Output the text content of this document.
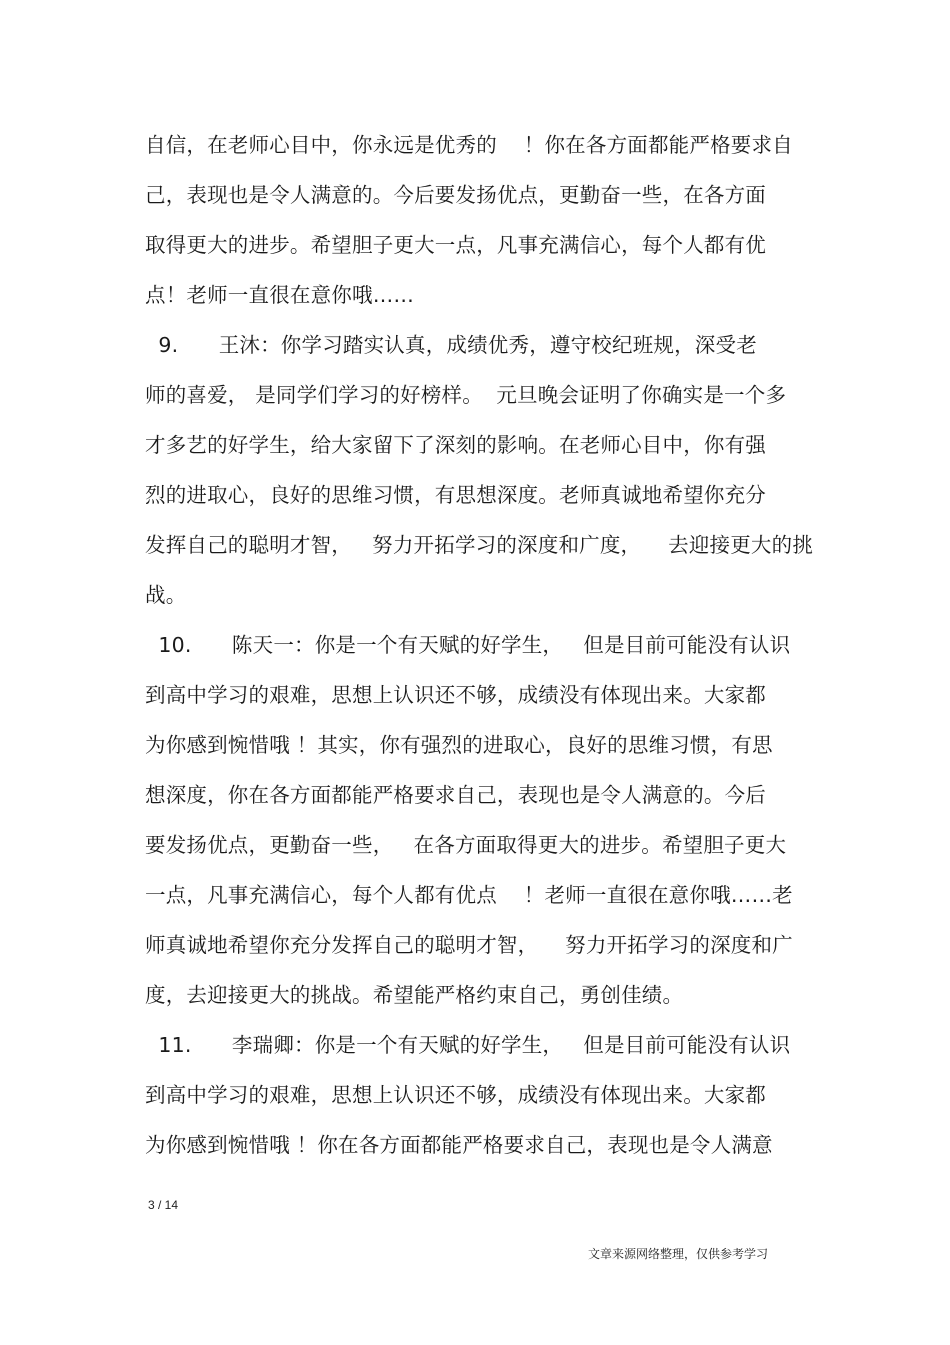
自信，在老师心目中，你永远是优秀的    ！你在各方面都能严格要求自
己，表现也是令人满意的。今后要发扬优点，更勤奋一些，在各方面
取得更大的进步。希望胆子更大一点，凡事充满信心，每个人都有优
点！老师一直很在意你哦……
9.      王沐：你学习踏实认真，成绩优秀，遵守校纪班规，深受老
师的喜爱， 是同学们学习的好榜样。  元旦晚会证明了你确实是一个多
才多艺的好学生，给大家留下了深刻的影响。在老师心目中，你有强
烈的进取心，良好的思维习惯，有思想深度。老师真诚地希望你充分
发挥自己的聪明才智，   努力开拓学习的深度和广度，    去迎接更大的挑
战。
10.      陈天一：你是一个有天赋的好学生，   但是目前可能没有认识
到高中学习的艰难，思想上认识还不够，成绩没有体现出来。大家都
为你感到惋惜哦 ！其实，你有强烈的进取心，良好的思维习惯，有思
想深度，你在各方面都能严格要求自己，表现也是令人满意的。今后
要发扬优点，更勤奋一些，   在各方面取得更大的进步。希望胆子更大
一点，凡事充满信心，每个人都有优点    ！老师一直很在意你哦……老
师真诚地希望你充分发挥自己的聪明才智，    努力开拓学习的深度和广
度，去迎接更大的挑战。希望能严格约束自己，勇创佳绩。
11.      李瑞卿：你是一个有天赋的好学生，   但是目前可能没有认识
到高中学习的艰难，思想上认识还不够，成绩没有体现出来。大家都
为你感到惋惜哦 ！你在各方面都能严格要求自己，表现也是令人满意
3 / 14
文章来源网络整理，仅供参考学习
